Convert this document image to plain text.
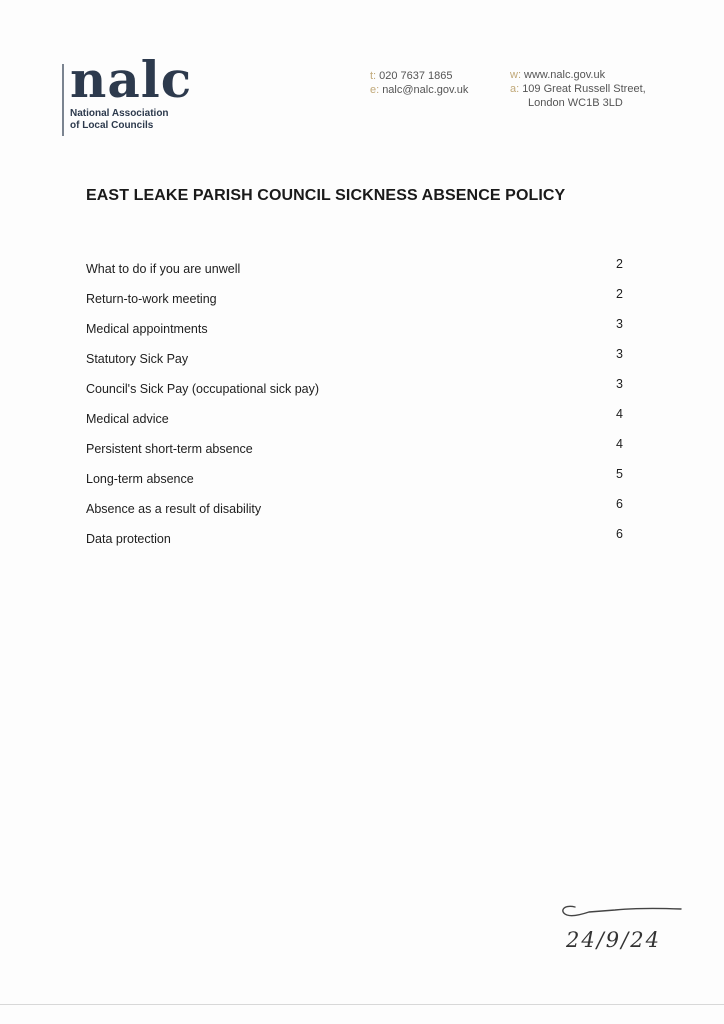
nalc
National Association
of Local Councils
t: 020 7637 1865
e: nalc@nalc.gov.uk
w: www.nalc.gov.uk
a: 109 Great Russell Street,
London WC1B 3LD
EAST LEAKE PARISH COUNCIL SICKNESS ABSENCE POLICY
What to do if you are unwell	2
Return-to-work meeting	2
Medical appointments	3
Statutory Sick Pay	3
Council's Sick Pay (occupational sick pay)	3
Medical advice	4
Persistent short-term absence	4
Long-term absence	5
Absence as a result of disability	6
Data protection	6
24/9/24
